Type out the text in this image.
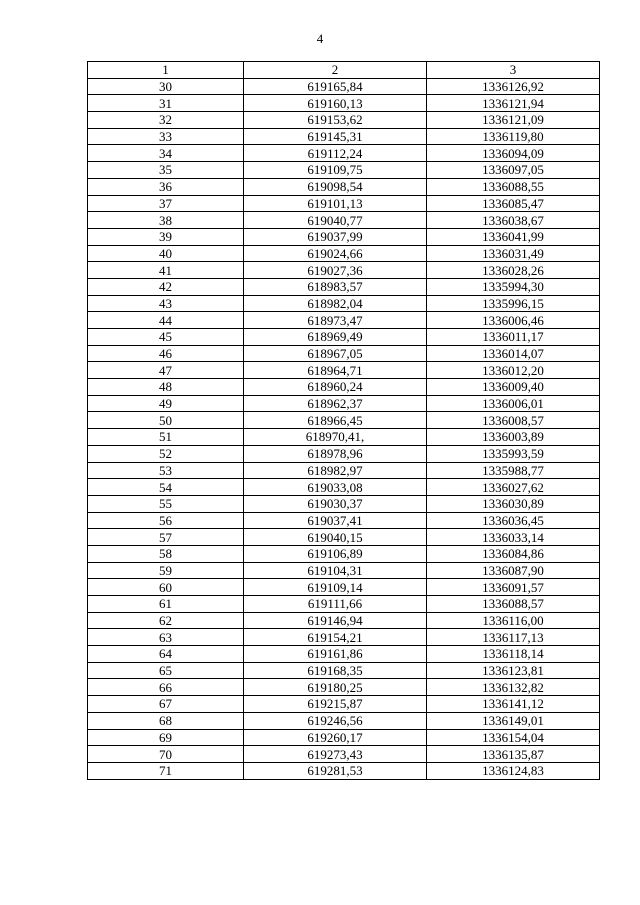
4
1	2	3
30	619165,84	1336126,92
31	619160,13	1336121,94
32	619153,62	1336121,09
33	619145,31	1336119,80
34	619112,24	1336094,09
35	619109,75	1336097,05
36	619098,54	1336088,55
37	619101,13	1336085,47
38	619040,77	1336038,67
39	619037,99	1336041,99
40	619024,66	1336031,49
41	619027,36	1336028,26
42	618983,57	1335994,30
43	618982,04	1335996,15
44	618973,47	1336006,46
45	618969,49	1336011,17
46	618967,05	1336014,07
47	618964,71	1336012,20
48	618960,24	1336009,40
49	618962,37	1336006,01
50	618966,45	1336008,57
51	618970,41,	1336003,89
52	618978,96	1335993,59
53	618982,97	1335988,77
54	619033,08	1336027,62
55	619030,37	1336030,89
56	619037,41	1336036,45
57	619040,15	1336033,14
58	619106,89	1336084,86
59	619104,31	1336087,90
60	619109,14	1336091,57
61	619111,66	1336088,57
62	619146,94	1336116,00
63	619154,21	1336117,13
64	619161,86	1336118,14
65	619168,35	1336123,81
66	619180,25	1336132,82
67	619215,87	1336141,12
68	619246,56	1336149,01
69	619260,17	1336154,04
70	619273,43	1336135,87
71	619281,53	1336124,83
